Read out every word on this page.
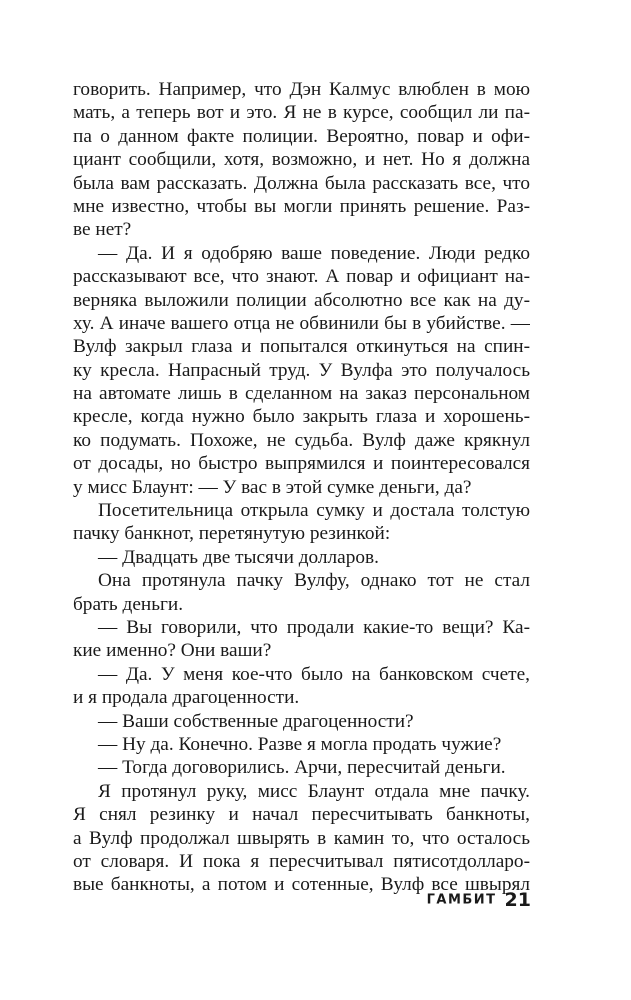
говорить. Например, что Дэн Калмус влюблен в мою
мать, а теперь вот и это. Я не в курсе, сообщил ли па-
па о данном факте полиции. Вероятно, повар и офи-
циант сообщили, хотя, возможно, и нет. Но я должна
была вам рассказать. Должна была рассказать все, что
мне известно, чтобы вы могли принять решение. Раз-
ве нет?
— Да. И я одобряю ваше поведение. Люди редко
рассказывают все, что знают. А повар и официант на-
верняка выложили полиции абсолютно все как на ду-
ху. А иначе вашего отца не обвинили бы в убийстве. —
Вулф закрыл глаза и попытался откинуться на спин-
ку кресла. Напрасный труд. У Вулфа это получалось
на автомате лишь в сделанном на заказ персональном
кресле, когда нужно было закрыть глаза и хорошень-
ко подумать. Похоже, не судьба. Вулф даже крякнул
от досады, но быстро выпрямился и поинтересовался
у мисс Блаунт: — У вас в этой сумке деньги, да?
Посетительница открыла сумку и достала толстую
пачку банкнот, перетянутую резинкой:
— Двадцать две тысячи долларов.
Она протянула пачку Вулфу, однако тот не стал
брать деньги.
— Вы говорили, что продали какие-то вещи? Ка-
кие именно? Они ваши?
— Да. У меня кое-что было на банковском счете,
и я продала драгоценности.
— Ваши собственные драгоценности?
— Ну да. Конечно. Разве я могла продать чужие?
— Тогда договорились. Арчи, пересчитай деньги.
Я протянул руку, мисс Блаунт отдала мне пачку.
Я снял резинку и начал пересчитывать банкноты,
а Вулф продолжал швырять в камин то, что осталось
от словаря. И пока я пересчитывал пятисотдолларо-
вые банкноты, а потом и сотенные, Вулф все швырял
ГАМБИТ 21
